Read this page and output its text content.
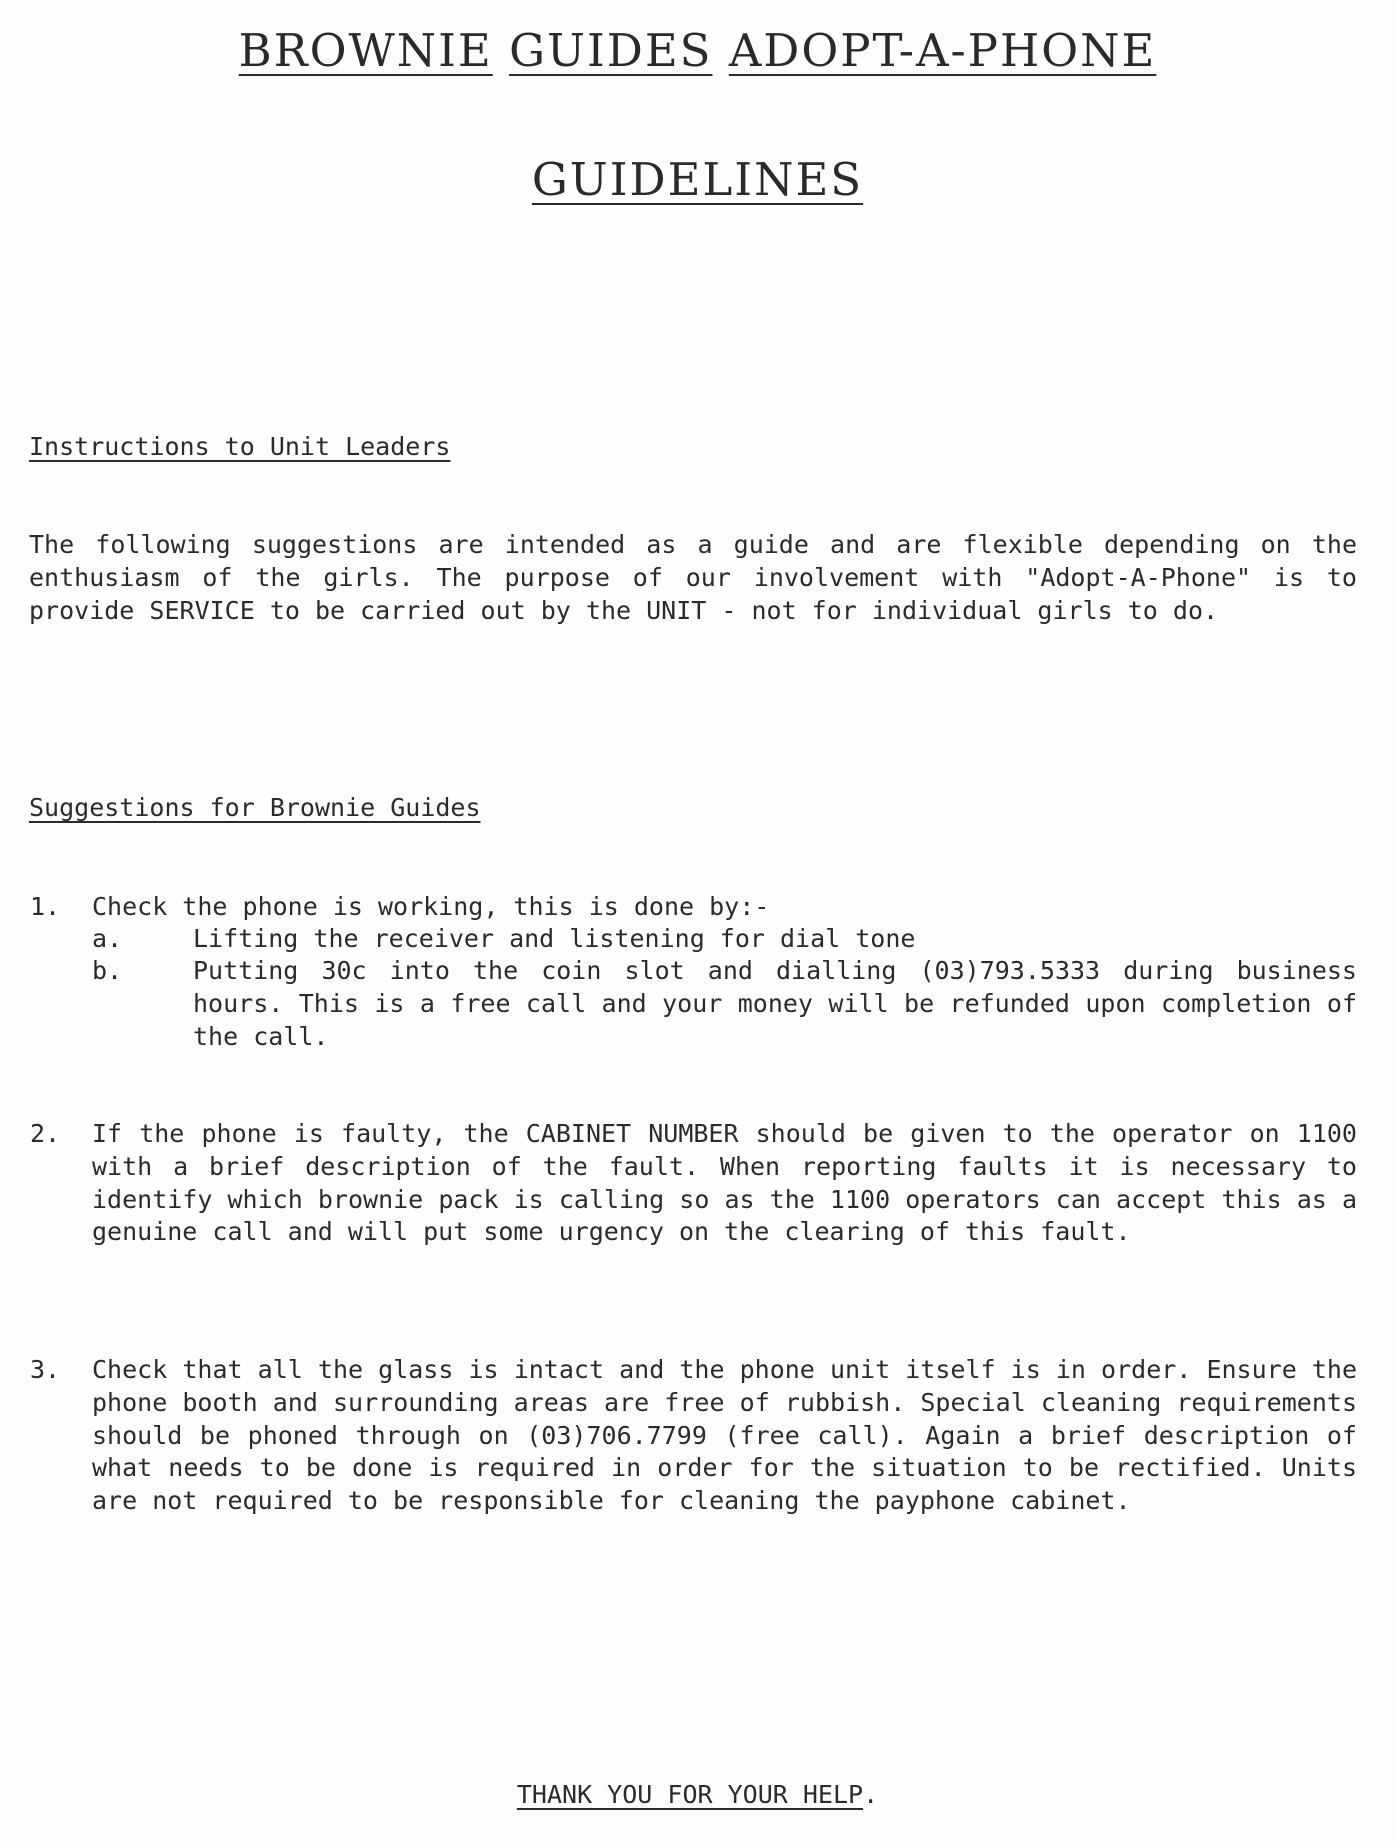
BROWNIE GUIDES ADOPT-A-PHONE
GUIDELINES
Instructions to Unit Leaders
The following suggestions are intended as a guide and are flexible depending on the enthusiasm of the girls. The purpose of our involvement with "Adopt-A-Phone" is to provide SERVICE to be carried out by the UNIT - not for individual girls to do.
Suggestions for Brownie Guides
1. Check the phone is working, this is done by:-
a.	Lifting the receiver and listening for dial tone
b.	Putting 30c into the coin slot and dialling (03)793.5333 during business hours. This is a free call and your money will be refunded upon completion of the call.
2. If the phone is faulty, the CABINET NUMBER should be given to the operator on 1100 with a brief description of the fault. When reporting faults it is necessary to identify which brownie pack is calling so as the 1100 operators can accept this as a genuine call and will put some urgency on the clearing of this fault.
3. Check that all the glass is intact and the phone unit itself is in order. Ensure the phone booth and surrounding areas are free of rubbish. Special cleaning requirements should be phoned through on (03)706.7799 (free call). Again a brief description of what needs to be done is required in order for the situation to be rectified. Units are not required to be responsible for cleaning the payphone cabinet.
THANK YOU FOR YOUR HELP.
